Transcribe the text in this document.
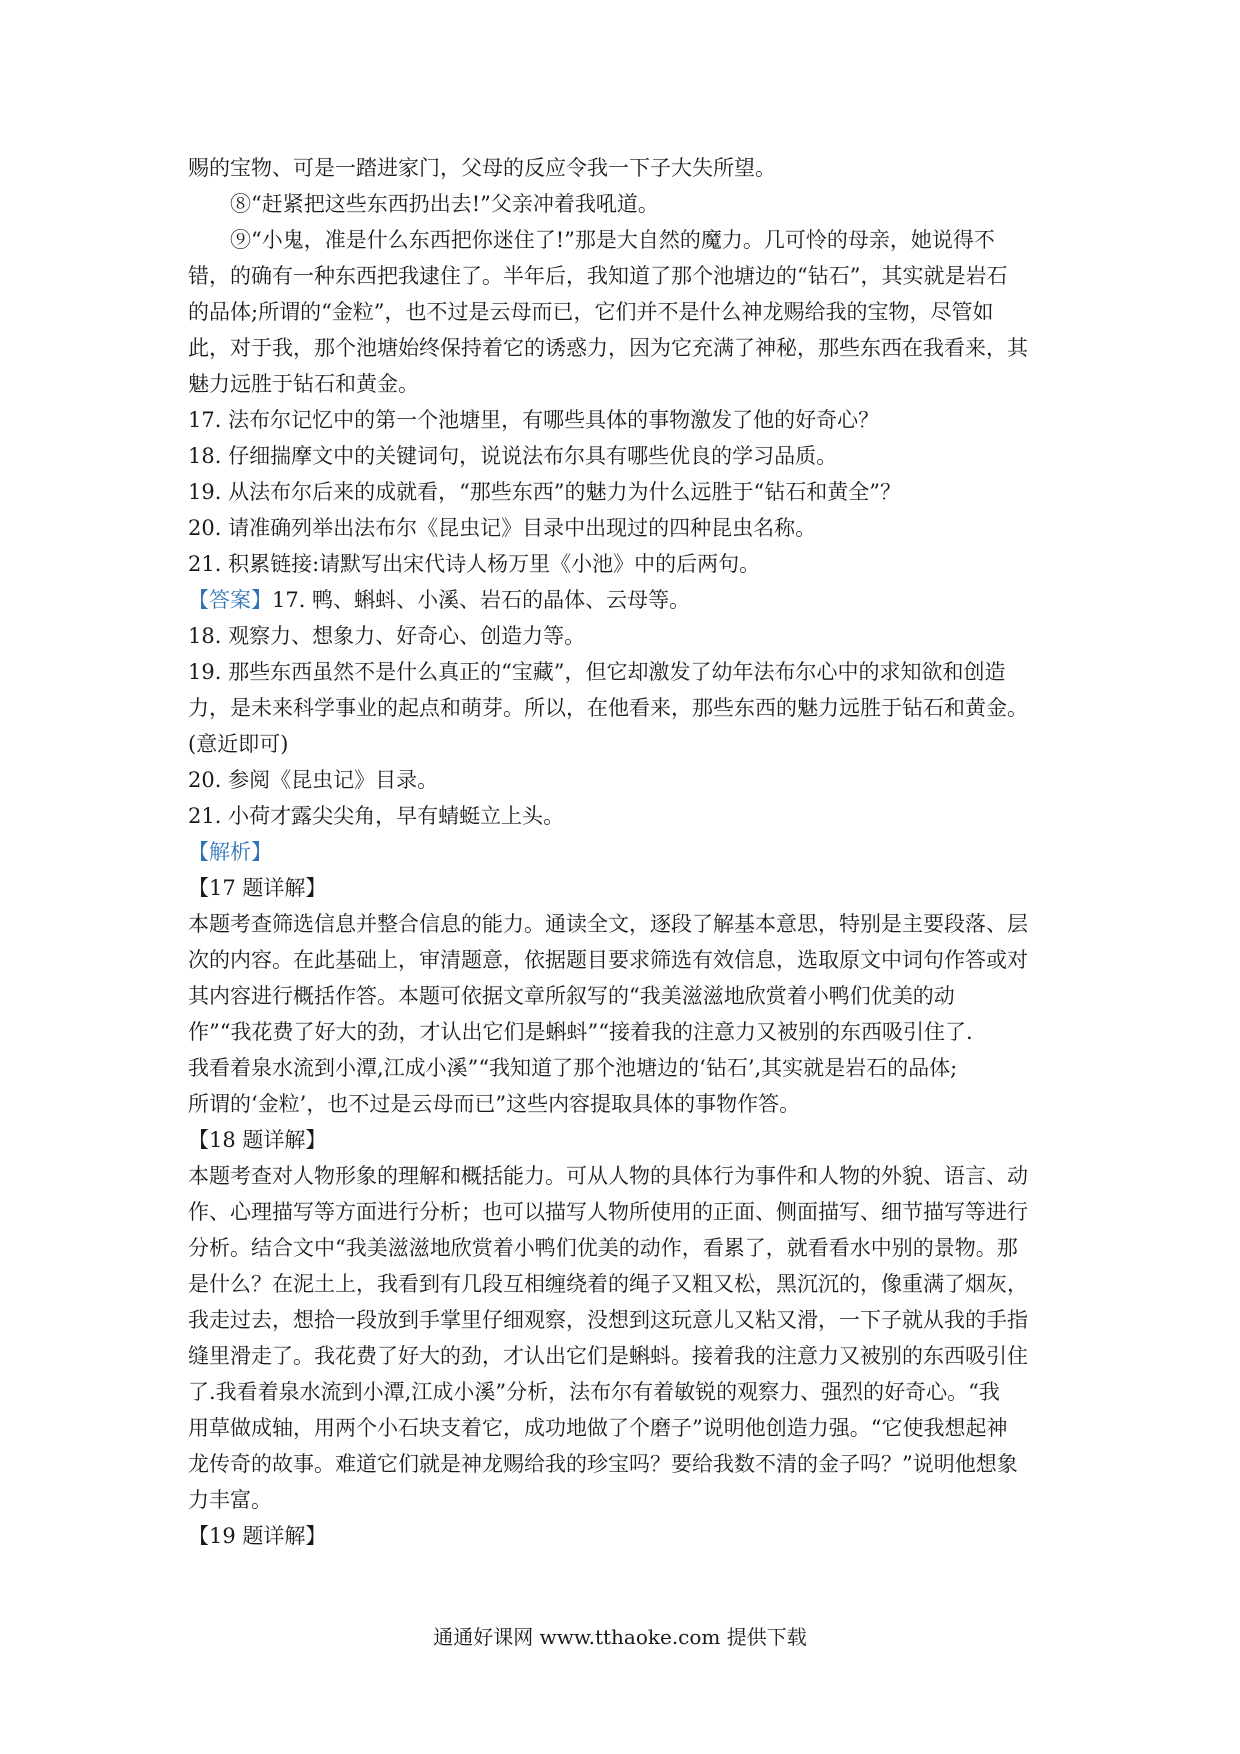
赐的宝物、可是一踏进家门，父母的反应令我一下子大失所望。
⑧“赶紧把这些东西扔出去!”父亲冲着我吼道。
⑨“小鬼，准是什么东西把你迷住了!”那是大自然的魔力。几可怜的母亲，她说得不
错，的确有一种东西把我逮住了。半年后，我知道了那个池塘边的“钻石”，其实就是岩石
的品体;所谓的“金粒”，也不过是云母而已，它们并不是什么神龙赐给我的宝物，尽管如
此，对于我，那个池塘始终保持着它的诱惑力，因为它充满了神秘，那些东西在我看来，其
魅力远胜于钻石和黄金。
17. 法布尔记忆中的第一个池塘里，有哪些具体的事物激发了他的好奇心？
18. 仔细揣摩文中的关键词句，说说法布尔具有哪些优良的学习品质。
19. 从法布尔后来的成就看，“那些东西”的魅力为什么远胜于“钻石和黄全”？
20. 请准确列举出法布尔《昆虫记》目录中出现过的四种昆虫名称。
21. 积累链接:请默写出宋代诗人杨万里《小池》中的后两句。
【答案】17. 鸭、蝌蚪、小溪、岩石的晶体、云母等。
18. 观察力、想象力、好奇心、创造力等。
19. 那些东西虽然不是什么真正的“宝藏”，但它却激发了幼年法布尔心中的求知欲和创造
力，是未来科学事业的起点和萌芽。所以，在他看来，那些东西的魅力远胜于钻石和黄金。
(意近即可)
20. 参阅《昆虫记》目录。
21. 小荷才露尖尖角，早有蜻蜓立上头。
【解析】
【17 题详解】
本题考查筛选信息并整合信息的能力。通读全文，逐段了解基本意思，特别是主要段落、层
次的内容。在此基础上，审清题意，依据题目要求筛选有效信息，选取原文中词句作答或对
其内容进行概括作答。本题可依据文章所叙写的“我美滋滋地欣赏着小鸭们优美的动
作”“我花费了好大的劲，才认出它们是蝌蚪”“接着我的注意力又被别的东西吸引住了.
我看着泉水流到小潭,江成小溪”“我知道了那个池塘边的‘钻石’,其实就是岩石的品体;
所谓的‘金粒’，也不过是云母而已”这些内容提取具体的事物作答。
【18 题详解】
本题考查对人物形象的理解和概括能力。可从人物的具体行为事件和人物的外貌、语言、动
作、心理描写等方面进行分析；也可以描写人物所使用的正面、侧面描写、细节描写等进行
分析。结合文中“我美滋滋地欣赏着小鸭们优美的动作，看累了，就看看水中别的景物。那
是什么？在泥土上，我看到有几段互相缠绕着的绳子又粗又松，黑沉沉的，像重满了烟灰，
我走过去，想拾一段放到手掌里仔细观察，没想到这玩意儿又粘又滑，一下子就从我的手指
缝里滑走了。我花费了好大的劲，才认出它们是蝌蚪。接着我的注意力又被别的东西吸引住
了.我看着泉水流到小潭,江成小溪”分析，法布尔有着敏锐的观察力、强烈的好奇心。“我
用草做成轴，用两个小石块支着它，成功地做了个磨子”说明他创造力强。“它使我想起神
龙传奇的故事。难道它们就是神龙赐给我的珍宝吗？要给我数不清的金子吗？”说明他想象
力丰富。
【19 题详解】
通通好课网 www.tthaoke.com 提供下载
